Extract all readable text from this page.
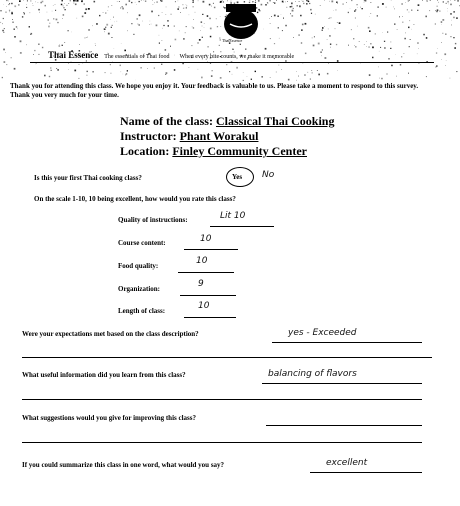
ThaiEssence
Thai Essence The essentials of Thai food When every bite counts, we make it memorable
Thank you for attending this class. We hope you enjoy it. Your feedback is valuable to us. Please take a moment to respond to this survey. Thank you very much for your time.
Name of the class: Classical Thai Cooking
Instructor: Phant Worakul
Location: Finley Community Center
Is this your first Thai cooking class?	Yes No
On the scale 1-10, 10 being excellent, how would you rate this class?
Quality of instructions:	Lit 10
Course content:	10
Food quality:	10
Organization:	9
Length of class:	10
Were your expectations met based on the class description?	yes - Exceeded
What useful information did you learn from this class?	balancing of flavors
What suggestions would you give for improving this class?
If you could summarize this class in one word, what would you say?	excellent
